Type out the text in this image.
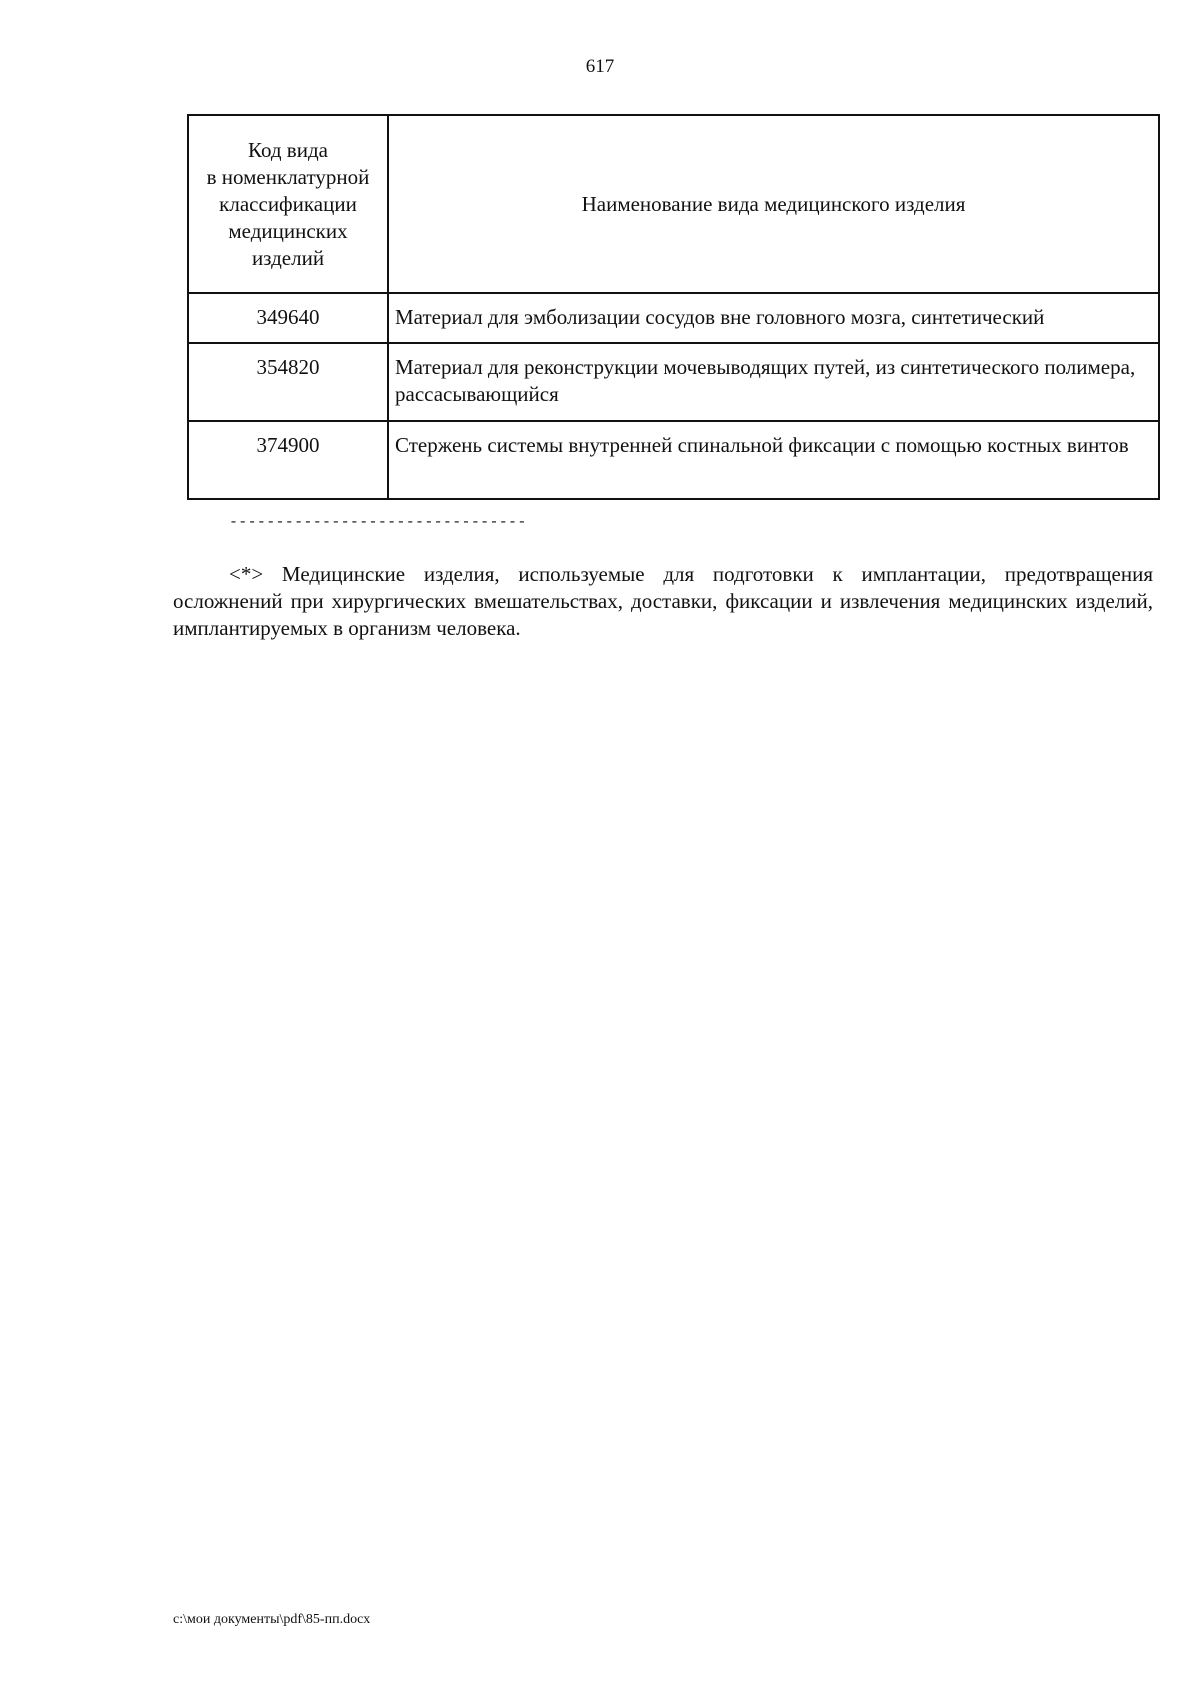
617
Код вида
в номенклатурной
классификации
медицинских
изделий	Наименование вида медицинского изделия
349640	Материал для эмболизации сосудов вне головного мозга, синтетический
354820	Материал для реконструкции мочевыводящих путей, из синтетического полимера, рассасывающийся
374900	Стержень системы внутренней спинальной фиксации с помощью костных винтов
--------------------------------

<*> Медицинские изделия, используемые для подготовки к имплантации, предотвращения осложнений при хирургических вмешательствах, доставки, фиксации и извлечения медицинских изделий, имплантируемых в организм человека.

c:\мои документы\pdf\85-пп.docx
